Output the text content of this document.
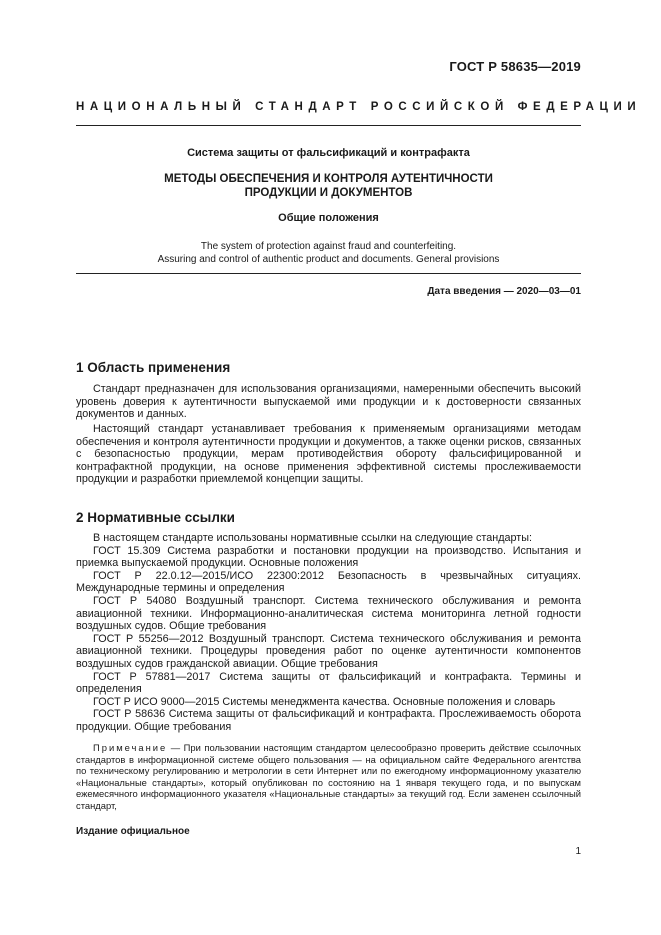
ГОСТ Р 58635—2019
НАЦИОНАЛЬНЫЙ СТАНДАРТ РОССИЙСКОЙ ФЕДЕРАЦИИ
Система защиты от фальсификаций и контрафакта
МЕТОДЫ ОБЕСПЕЧЕНИЯ И КОНТРОЛЯ АУТЕНТИЧНОСТИ
ПРОДУКЦИИ И ДОКУМЕНТОВ
Общие положения
The system of protection against fraud and counterfeiting.
Assuring and control of authentic product and documents. General provisions
Дата введения — 2020—03—01
1 Область применения
Стандарт предназначен для использования организациями, намеренными обеспечить высокий уровень доверия к аутентичности выпускаемой ими продукции и к достоверности связанных документов и данных.
Настоящий стандарт устанавливает требования к применяемым организациями методам обеспечения и контроля аутентичности продукции и документов, а также оценки рисков, связанных с безопасностью продукции, мерам противодействия обороту фальсифицированной и контрафактной продукции, на основе применения эффективной системы прослеживаемости продукции и разработки приемлемой концепции защиты.
2 Нормативные ссылки

В настоящем стандарте использованы нормативные ссылки на следующие стандарты:

ГОСТ 15.309 Система разработки и постановки продукции на производство. Испытания и приемка выпускаемой продукции. Основные положения

ГОСТ Р 22.0.12—2015/ИСО 22300:2012 Безопасность в чрезвычайных ситуациях. Международные термины и определения

ГОСТ Р 54080 Воздушный транспорт. Система технического обслуживания и ремонта авиационной техники. Информационно-аналитическая система мониторинга летной годности воздушных судов. Общие требования

ГОСТ Р 55256—2012 Воздушный транспорт. Система технического обслуживания и ремонта авиационной техники. Процедуры проведения работ по оценке аутентичности компонентов воздушных судов гражданской авиации. Общие требования

ГОСТ Р 57881—2017 Система защиты от фальсификаций и контрафакта. Термины и определения

ГОСТ Р ИСО 9000—2015 Системы менеджмента качества. Основные положения и словарь

ГОСТ Р 58636 Система защиты от фальсификаций и контрафакта. Прослеживаемость оборота продукции. Общие требования

Примечание — При пользовании настоящим стандартом целесообразно проверить действие ссылочных стандартов в информационной системе общего пользования — на официальном сайте Федерального агентства по техническому регулированию и метрологии в сети Интернет или по ежегодному информационному указателю «Национальные стандарты», который опубликован по состоянию на 1 января текущего года, и по выпускам ежемесячного информационного указателя «Национальные стандарты» за текущий год. Если заменен ссылочный стандарт,
Издание официальное
1
